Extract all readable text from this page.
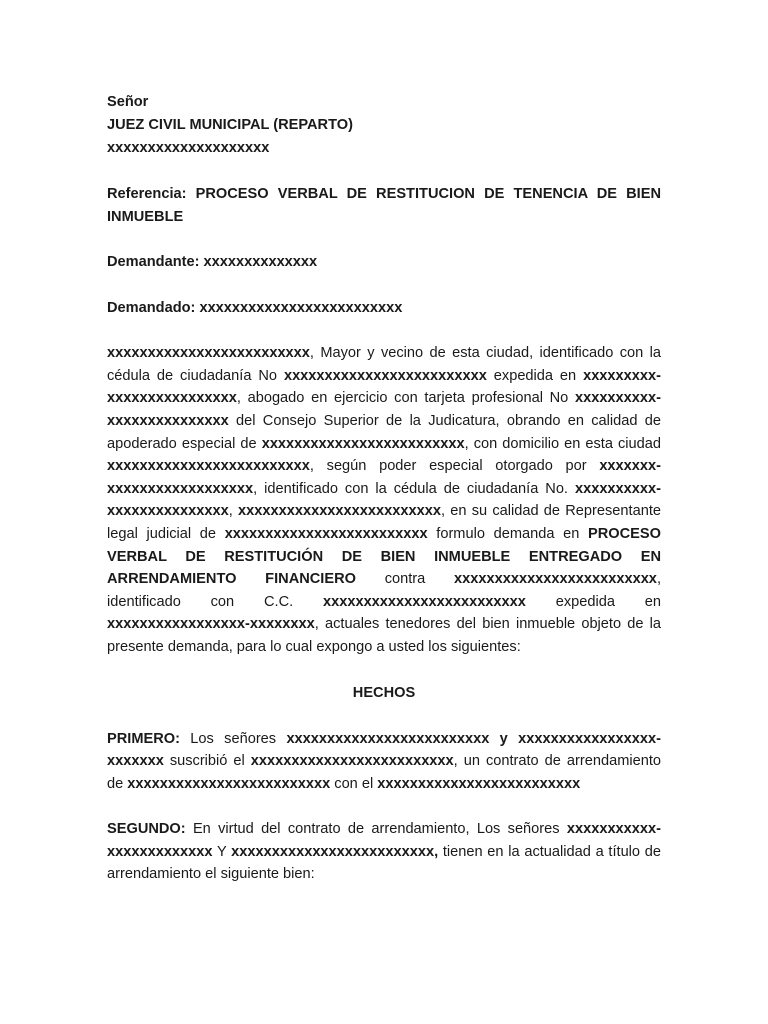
Señor
JUEZ CIVIL MUNICIPAL (REPARTO)
xxxxxxxxxxxxxxxxxxxx

Referencia: PROCESO VERBAL DE RESTITUCION DE TENENCIA DE BIEN INMUEBLE

Demandante: xxxxxxxxxxxxxx
Demandado: xxxxxxxxxxxxxxxxxxxxxxxxx

xxxxxxxxxxxxxxxxxxxxxxxxx, Mayor y vecino de esta ciudad, identificado con la cédula de ciudadanía No xxxxxxxxxxxxxxxxxxxxxxxxx expedida en xxxxxxxxx-xxxxxxxxxxxxxxxx, abogado en ejercicio con tarjeta profesional No xxxxxxxxxx-xxxxxxxxxxxxxxx del Consejo Superior de la Judicatura, obrando en calidad de apoderado especial de xxxxxxxxxxxxxxxxxxxxxxxxx, con domicilio en esta ciudad xxxxxxxxxxxxxxxxxxxxxxxxx, según poder especial otorgado por xxxxxxx-xxxxxxxxxxxxxxxxxx, identificado con la cédula de ciudadanía No. xxxxxxxxxx-xxxxxxxxxxxxxxx, xxxxxxxxxxxxxxxxxxxxxxxxx, en su calidad de Representante legal judicial de xxxxxxxxxxxxxxxxxxxxxxxxx formulo demanda en PROCESO VERBAL DE RESTITUCIÓN DE BIEN INMUEBLE ENTREGADO EN ARRENDAMIENTO FINANCIERO contra xxxxxxxxxxxxxxxxxxxxxxxxx, identificado con C.C. xxxxxxxxxxxxxxxxxxxxxxxxx expedida en xxxxxxxxxxxxxxxxx-xxxxxxxx, actuales tenedores del bien inmueble objeto de la presente demanda, para lo cual expongo a usted los siguientes:

HECHOS

PRIMERO: Los señores xxxxxxxxxxxxxxxxxxxxxxxxx y xxxxxxxxxxxxxxxxx-xxxxxxx suscribió el xxxxxxxxxxxxxxxxxxxxxxxxx, un contrato de arrendamiento de xxxxxxxxxxxxxxxxxxxxxxxxx con el xxxxxxxxxxxxxxxxxxxxxxxxx

SEGUNDO: En virtud del contrato de arrendamiento, Los señores xxxxxxxxxxx-xxxxxxxxxxxxx Y xxxxxxxxxxxxxxxxxxxxxxxxx, tienen en la actualidad a título de arrendamiento el siguiente bien:
